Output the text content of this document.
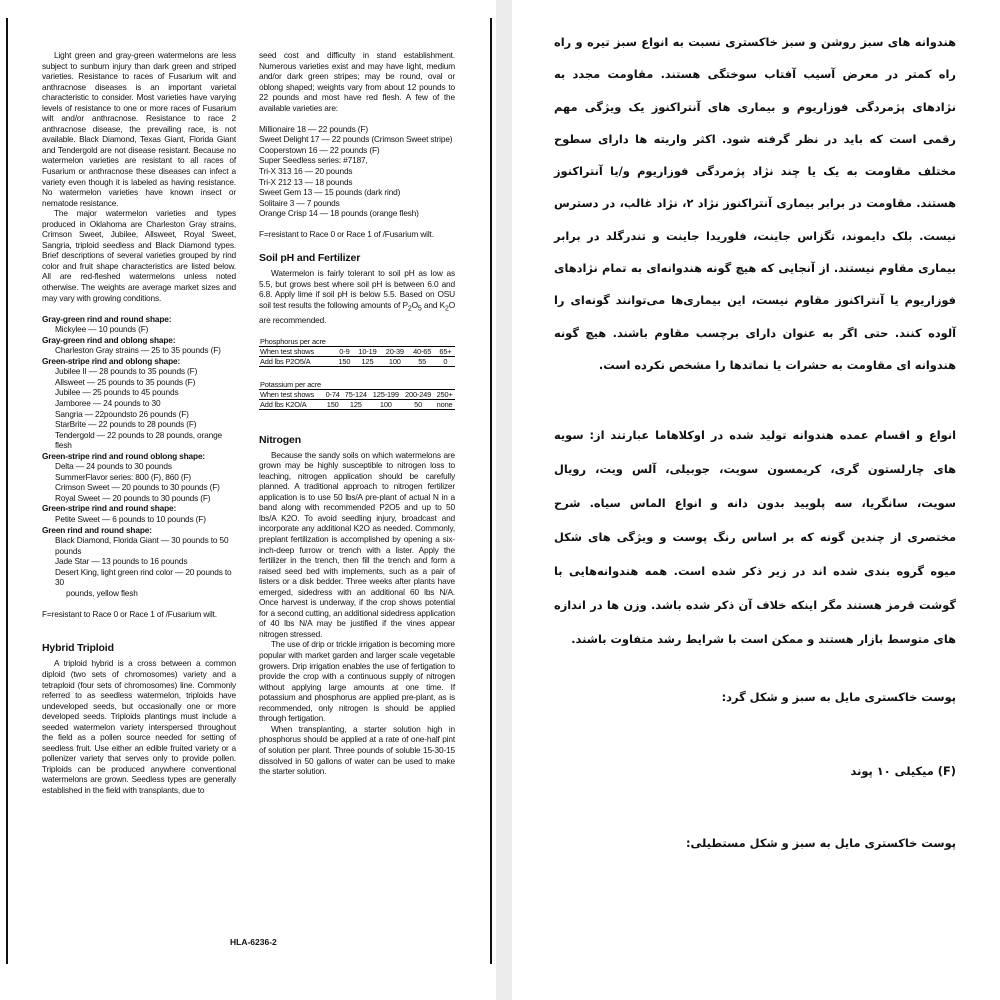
Light green and gray-green watermelons are less subject to sunburn injury than dark green and striped varieties. Resistance to races of Fusarium wilt and anthracnose diseases is an important varietal characteristic to consider. Most varieties have varying levels of resistance to one or more races of Fusarium wilt and/or anthracnose. Resistance to race 2 anthracnose disease, the prevailing race, is not available. Black Diamond, Texas Giant, Florida Giant and Tendergold are not disease resistant. Because no watermelon varieties are resistant to all races of Fusarium or anthracnose these diseases can infect a variety even though it is labeled as having resistance. No watermelon varieties have known insect or nematode resistance.

The major watermelon varieties and types produced in Oklahoma are Charleston Gray strains, Crimson Sweet, Jubilee, Allsweet, Royal Sweet, Sangria, triploid seedless and Black Diamond types. Brief descriptions of several varieties grouped by rind color and fruit shape characteristics are listed below. All are red-fleshed watermelons unless noted otherwise. The weights are average market sizes and may vary with growing conditions.

Gray-green rind and round shape:
Mickylee — 10 pounds (F)
Gray-green rind and oblong shape:
Charleston Gray strains — 25 to 35 pounds (F)
Green-stripe rind and oblong shape:
Jubilee II — 28 pounds to 35 pounds (F)
Allsweet — 25 pounds to 35 pounds (F)
Jubilee — 25 pounds to 45 pounds
Jamboree — 24 pounds to 30
Sangria — 22poundsto 26 pounds (F)
StarBrite — 22 pounds to 28 pounds (F)
Tendergold — 22 pounds to 28 pounds, orange flesh
Green-stripe rind and round oblong shape:
Delta — 24 pounds to 30 pounds
SummerFlavor series: 800 (F), 860 (F)
Crimson Sweet — 20 pounds to 30 pounds (F)
Royal Sweet — 20 pounds to 30 pounds (F)
Green-stripe rind and round shape:
Petite Sweet — 6 pounds to 10 pounds (F)
Green rind and round shape:
Black Diamond, Florida Giant — 30 pounds to 50 pounds
Jade Star — 13 pounds to 16 pounds
Desert King, light green rind color — 20 pounds to 30
pounds, yellow flesh
F=resistant to Race 0 or Race 1 of /Fusarium wilt.
Hybrid Triploid

A triploid hybrid is a cross between a common diploid (two sets of chromosomes) variety and a tetraploid (four sets of chromosomes) line. Commonly referred to as seedless watermelon, triploids have undeveloped seeds, but occasionally one or more developed seeds. Triploids plantings must include a seeded watermelon variety interspersed throughout the field as a pollen source needed for setting of seedless fruit. Use either an edible fruited variety or a pollenizer variety that serves only to provide pollen. Triploids can be produced anywhere conventional watermelons are grown. Seedless types are generally established in the field with transplants, due to

seed cost and difficulty in stand establishment. Numerous varieties exist and may have light, medium and/or dark green stripes; may be round, oval or oblong shaped; weights vary from about 12 pounds to 22 pounds and most have red flesh. A few of the available varieties are:

Millionaire 18 — 22 pounds (F)
Sweet Delight 17 — 22 pounds (Crimson Sweet stripe)
Cooperstown 16 — 22 pounds (F)
Super Seedless series: #7187,
Tri-X 313 16 — 20 pounds
Tri-X 212 13 — 18 pounds
Sweet Gem 13 — 15 pounds (dark rind)
Solitaire 3 — 7 pounds
Orange Crisp 14 — 18 pounds (orange flesh)
F=resistant to Race 0 or Race 1 of /Fusarium wilt.
Soil pH and Fertilizer

Watermelon is fairly tolerant to soil pH as low as 5.5, but grows best where soil pH is between 6.0 and 6.8. Apply lime if soil pH is below 5.5. Based on OSU soil test results the following amounts of $P_2O_5$ and $K_2O$ are recommended.

Phosphorus per acre					
When test shows	0-9	10-19	20-39	40-65	65+
Add lbs P2O5/A	150	125	100	55	0
Potassium per acre					
When test shows	0-74	75-124	125-199	200-249	250+
Add lbs K2O/A	150	125	100	50	none
Nitrogen

Because the sandy soils on which watermelons are grown may be highly susceptible to nitrogen loss to leaching, nitrogen application should be carefully planned. A traditional approach to nitrogen fertilizer application is to use 50 lbs/A pre-plant of actual N in a band along with recommended P2O5 and up to 50 lbs/A K2O. To avoid seedling injury, broadcast and incorporate any additional K2O as needed. Commonly, preplant fertilization is accomplished by opening a six-inch-deep furrow or trench with a lister. Apply the fertilizer in the trench, then fill the trench and form a raised seed bed with implements, such as a pair of listers or a disk bedder. Three weeks after plants have emerged, sidedress with an additional 60 lbs N/A. Once harvest is underway, if the crop shows potential for a second cutting, an additional sidedress application of 40 lbs N/A may be justified if the vines appear nitrogen stressed.

The use of drip or trickle irrigation is becoming more popular with market garden and larger scale vegetable growers. Drip irrigation enables the use of fertigation to provide the crop with a continuous supply of nitrogen without applying large amounts at one time. If potassium and phosphorus are applied pre-plant, as is recommended, only nitrogen is should be applied through fertigation.

When transplanting, a starter solution high in phosphorus should be applied at a rate of one-half pint of solution per plant. Three pounds of soluble 15-30-15 dissolved in 50 gallons of water can be used to make the starter solution.

HLA-6236-2
هندوانه های سبز روشن و سبز خاکستری نسبت به انواع سبز تیره و راه راه کمتر در معرض آسیب آفتاب سوختگی هستند. مقاومت مجدد به نژادهای پژمردگی فوزاریوم و بیماری های آنتراکنوز یک ویژگی مهم رقمی است که باید در نظر گرفته شود. اکثر واریته ها دارای سطوح مختلف مقاومت به یک یا چند نژاد پژمردگی فوزاریوم و/یا آنتراکنوز هستند. مقاومت در برابر بیماری آنتراکنوز نژاد ۲، نژاد غالب، در دسترس نیست. بلک دایموند، تگزاس جاینت، فلوریدا جاینت و تندرگلد در برابر بیماری مقاوم نیستند. از آنجایی که هیچ گونه هندوانه‌ای به تمام نژادهای فوزاریوم یا آنتراکنوز مقاوم نیست، این بیماری‌ها می‌توانند گونه‌ای را آلوده کنند. حتی اگر به عنوان دارای برچسب مقاوم باشند. هیچ گونه هندوانه ای مقاومت به حشرات یا نماتدها را مشخص نکرده است.
انواع و اقسام عمده هندوانه تولید شده در اوکلاهاما عبارتند از: سویه های چارلستون گری، کریمسون سویت، جوبیلی، آلس ویت، رویال سویت، سانگریا، سه پلویید بدون دانه و انواع الماس سیاه. شرح مختصری از چندین گونه که بر اساس رنگ پوست و ویژگی های شکل میوه گروه بندی شده اند در زیر ذکر شده است. همه هندوانه‌هایی با گوشت قرمز هستند مگر اینکه خلاف آن ذکر شده باشد. وزن ها در اندازه های متوسط بازار هستند و ممکن است با شرایط رشد متفاوت باشند.
پوست خاکستری مایل به سبز و شکل گرد:
(F) میکیلی ۱۰ پوند
پوست خاکستری مایل به سبز و شکل مستطیلی:
